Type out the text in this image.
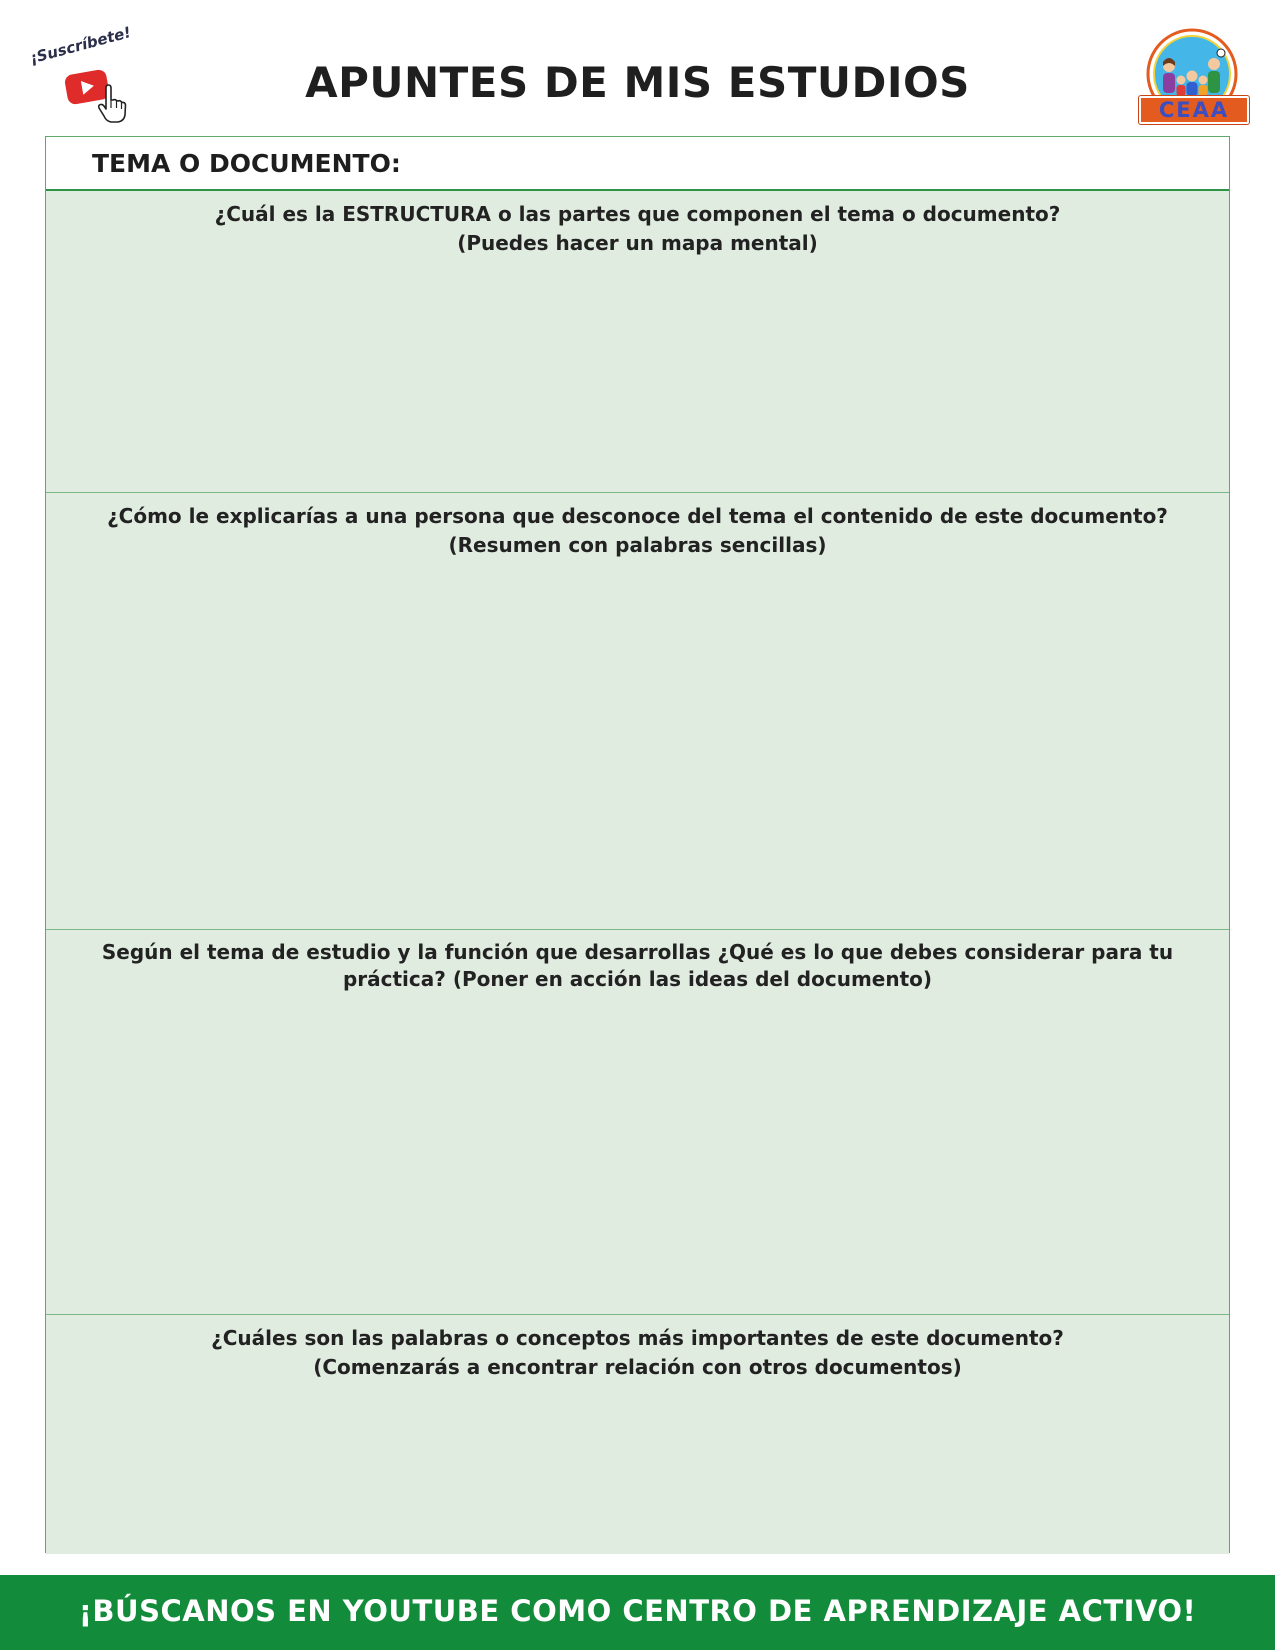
¡Suscríbete!
APUNTES DE MIS ESTUDIOS
CEAA
TEMA O DOCUMENTO:

¿Cuál es la ESTRUCTURA o las partes que componen el tema o documento?

(Puedes hacer un mapa mental)

¿Cómo le explicarías a una persona que desconoce del tema el contenido de este documento?

(Resumen con palabras sencillas)

Según el tema de estudio y la función que desarrollas ¿Qué es lo que debes considerar para tu práctica? (Poner en acción las ideas del documento)

¿Cuáles son las palabras o conceptos más importantes de este documento?

(Comenzarás a encontrar relación con otros documentos)

¡BÚSCANOS EN YOUTUBE COMO CENTRO DE APRENDIZAJE ACTIVO!
